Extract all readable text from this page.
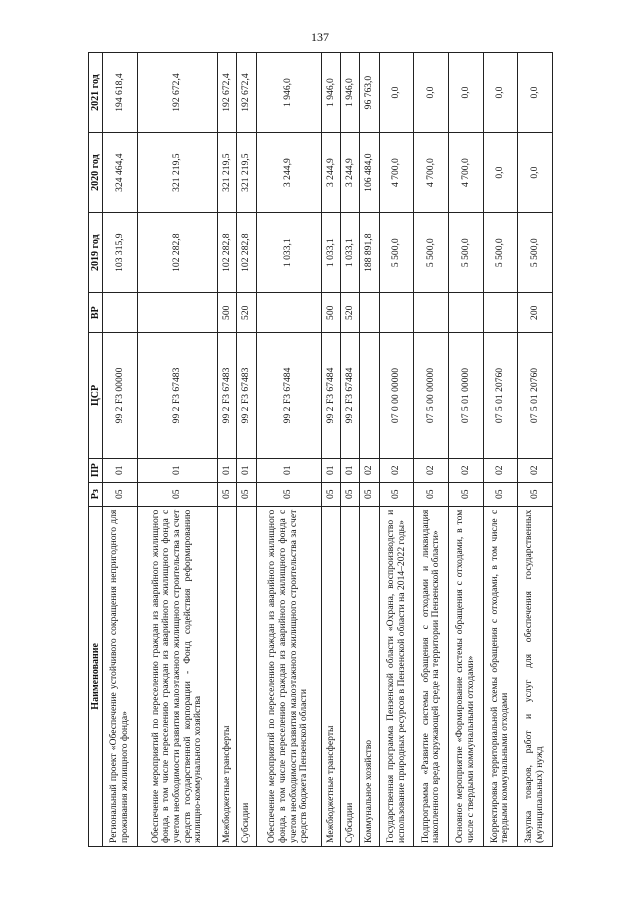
137
Наименование	Рз	ПР	ЦСР	ВР	2019 год	2020 год	2021 год
Региональный проект «Обеспечение устойчивого сокращения непригодного для проживания жилищного фонда»	05	01	99 2 F3 00000		103 315,9	324 464,4	194 618,4
Обеспечение мероприятий по переселению граждан из аварийного жилищного фонда, в том числе переселению граждан из аварийного жилищного фонда с учетом необходимости развития малоэтажного жилищного строительства за счет средств государственной корпорации - Фонд содействия реформированию жилищно-коммунального хозяйства	05	01	99 2 F3 67483		102 282,8	321 219,5	192 672,4
Межбюджетные трансферты	05	01	99 2 F3 67483	500	102 282,8	321 219,5	192 672,4
Субсидии	05	01	99 2 F3 67483	520	102 282,8	321 219,5	192 672,4
Обеспечение мероприятий по переселению граждан из аварийного жилищного фонда, в том числе переселению граждан из аварийного жилищного фонда с учетом необходимости развития малоэтажного жилищного строительства за счет средств бюджета Пензенской области	05	01	99 2 F3 67484		1 033,1	3 244,9	1 946,0
Межбюджетные трансферты	05	01	99 2 F3 67484	500	1 033,1	3 244,9	1 946,0
Субсидии	05	01	99 2 F3 67484	520	1 033,1	3 244,9	1 946,0
Коммунальное хозяйство	05	02			188 891,8	106 484,0	96 763,0
Государственная программа Пензенской области «Охрана, воспроизводство и использование природных ресурсов в Пензенской области на 2014–2022 годы»	05	02	07 0 00 00000		5 500,0	4 700,0	0,0
Подпрограмма «Развитие системы обращения с отходами и ликвидация накопленного вреда окружающей среде на территории Пензенской области»	05	02	07 5 00 00000		5 500,0	4 700,0	0,0
Основное мероприятие «Формирование системы обращения с отходами, в том числе с твердыми коммунальными отходами»	05	02	07 5 01 00000		5 500,0	4 700,0	0,0
Корректировка территориальной схемы обращения с отходами, в том числе с твердыми коммунальными отходами	05	02	07 5 01 20760		5 500,0	0,0	0,0
Закупка товаров, работ и услуг для обеспечения государственных (муниципальных) нужд	05	02	07 5 01 20760	200	5 500,0	0,0	0,0
